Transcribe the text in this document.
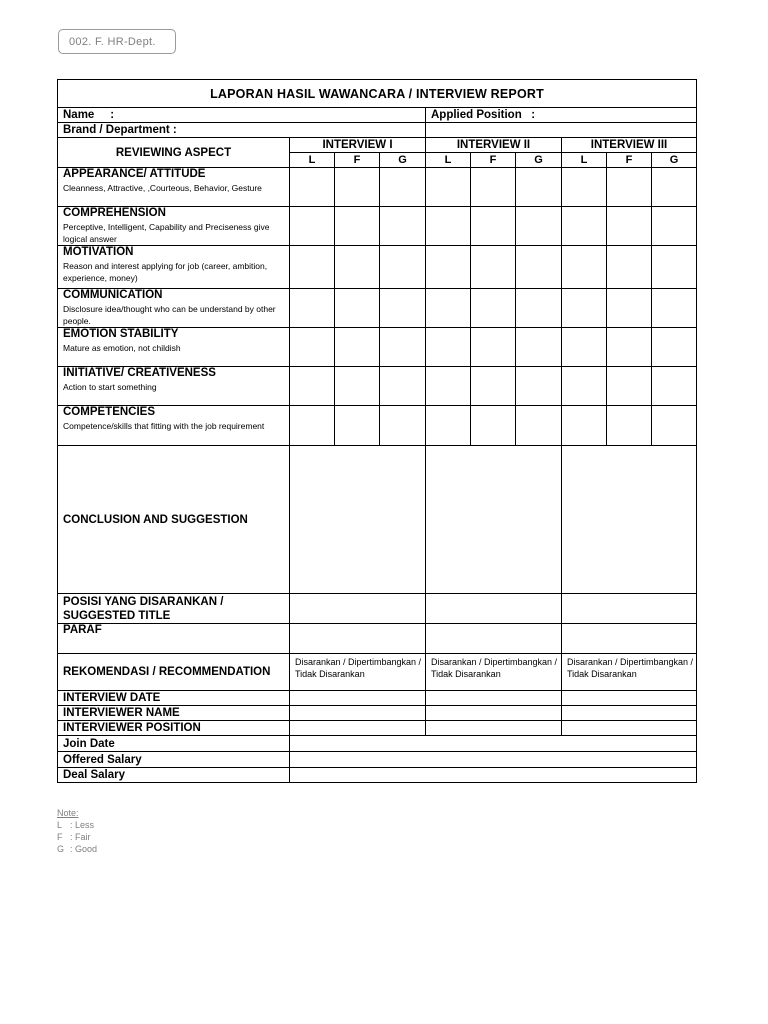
002. F. HR-Dept.
LAPORAN HASIL WAWANCARA / INTERVIEW REPORT									
Name     :				Applied Position   :					
Brand / Department :									
REVIEWING ASPECT	INTERVIEW I			INTERVIEW II			INTERVIEW III		
	L	F	G	L	F	G	L	F	G

APPEARANCE/ ATTITUDE
Cleanness, Attractive, ,Courteous, Behavior, Gesture									

COMPREHENSION
Perceptive, Intelligent, Capability and Preciseness give logical answer									

MOTIVATION
Reason and interest applying for job (career, ambition, experience, money)									

COMMUNICATION
Disclosure idea/thought who can be understand by other people.									

EMOTION STABILITY
Mature as emotion, not childish									

INITIATIVE/ CREATIVENESS
Action to start something									

COMPETENCIES
Competence/skills that fitting with the job requirement									

CONCLUSION AND SUGGESTION									
POSISI YANG DISARANKAN / SUGGESTED TITLE									
PARAF									
REKOMENDASI / RECOMMENDATION	Disarankan / Dipertimbangkan / Tidak Disarankan			Disarankan / Dipertimbangkan / Tidak Disarankan			Disarankan / Dipertimbangkan / Tidak Disarankan		
INTERVIEW DATE									
INTERVIEWER NAME									
INTERVIEWER POSITION									
Join Date									
Offered Salary									
Deal Salary									
Note:
L : Less
F : Fair
G : Good
